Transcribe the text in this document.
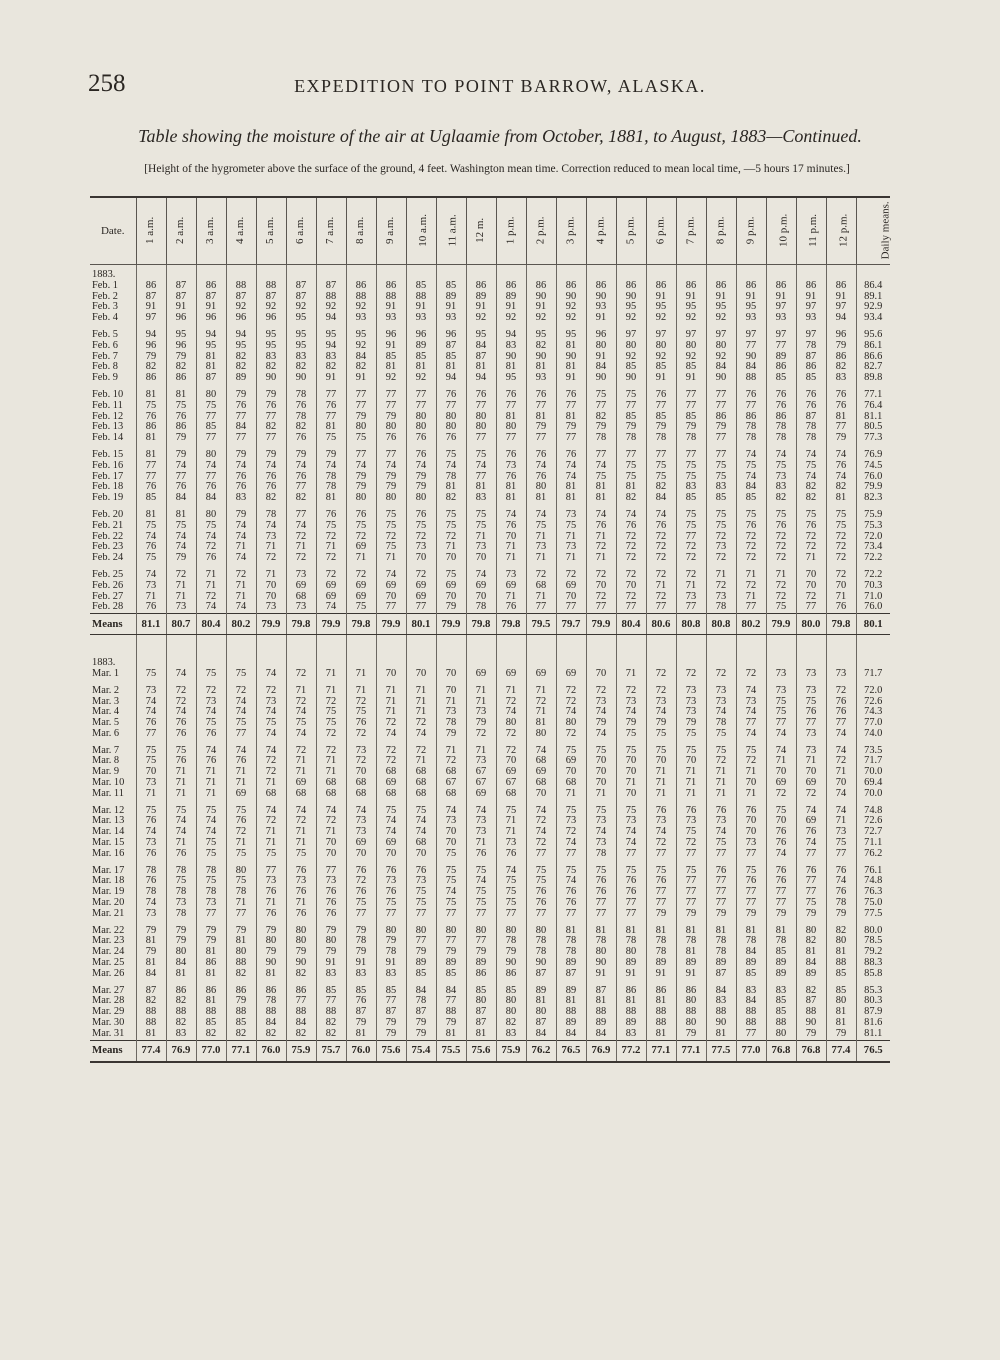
258	EXPEDITION TO POINT BARROW, ALASKA.
Table showing the moisture of the air at Uglaamie from October, 1881, to August, 1883—Continued.
[Height of the hygrometer above the surface of the ground, 4 feet. Washington mean time. Correction reduced to mean local time, —5 hours 17 minutes.]
Date.	1 a.m.	2 a.m.	3 a.m.	4 a.m.	5 a.m.	6 a.m.	7 a.m.	8 a.m.	9 a.m.	10 a.m.	11 a.m.	12 m.	1 p.m.	2 p.m.	3 p.m.	4 p.m.	5 p.m.	6 p.m.	7 p.m.	8 p.m.	9 p.m.	10 p.m.	11 p.m.	12 p.m.	Daily means.
1883.																									
Feb. 1	86	87	86	88	88	87	87	86	86	85	85	86	86	86	86	86	86	86	86	86	86	86	86	86	86.4
Feb. 2	87	87	87	87	87	87	88	88	88	88	89	89	89	90	90	90	90	91	91	91	91	91	91	91	89.1
Feb. 3	91	91	91	92	92	92	92	92	91	91	91	91	91	91	92	93	95	95	95	95	95	97	97	97	92.9
Feb. 4	97	96	96	96	96	95	94	93	93	93	93	92	92	92	92	91	92	92	92	92	93	93	93	94	93.4

Feb. 5	94	95	94	94	95	95	95	95	96	96	96	95	94	95	95	96	97	97	97	97	97	97	97	96	95.6
Feb. 6	96	96	95	95	95	95	94	92	91	89	87	84	83	82	81	80	80	80	80	80	77	77	78	79	86.1
Feb. 7	79	79	81	82	83	83	83	84	85	85	85	87	90	90	90	91	92	92	92	92	90	89	87	86	86.6
Feb. 8	82	82	81	82	82	82	82	82	81	81	81	81	81	81	81	84	85	85	85	84	84	86	86	82	82.7
Feb. 9	86	86	87	89	90	90	91	91	92	92	94	94	95	93	91	90	90	91	91	90	88	85	85	83	89.8

Feb. 10	81	81	80	79	79	78	77	77	77	77	76	76	76	76	76	75	75	76	77	77	76	76	76	76	77.1
Feb. 11	75	75	75	76	76	76	76	77	77	77	77	77	77	77	77	77	77	77	77	77	77	76	76	76	76.4
Feb. 12	76	76	77	77	77	78	77	79	79	80	80	80	81	81	81	82	85	85	85	86	86	86	87	81	81.1
Feb. 13	86	86	85	84	82	82	81	80	80	80	80	80	80	79	79	79	79	79	79	79	78	78	78	77	80.5
Feb. 14	81	79	77	77	77	76	75	75	76	76	76	77	77	77	77	78	78	78	78	77	78	78	78	79	77.3

Feb. 15	81	79	80	79	79	79	79	77	77	76	75	75	76	76	76	77	77	77	77	77	74	74	74	74	76.9
Feb. 16	77	74	74	74	74	74	74	74	74	74	74	74	73	74	74	74	75	75	75	75	75	75	75	76	74.5
Feb. 17	77	77	77	76	76	76	78	79	79	79	78	77	76	76	74	75	75	75	75	75	74	73	74	74	76.0
Feb. 18	76	76	76	76	76	77	78	79	79	79	81	81	81	80	81	81	81	82	83	83	84	83	82	82	79.9
Feb. 19	85	84	84	83	82	82	81	80	80	80	82	83	81	81	81	81	82	84	85	85	85	82	82	81	82.3

Feb. 20	81	81	80	79	78	77	76	76	75	76	75	75	74	74	73	74	74	74	75	75	75	75	75	75	75.9
Feb. 21	75	75	75	74	74	74	75	75	75	75	75	75	76	75	75	76	76	76	75	75	76	76	76	75	75.3
Feb. 22	74	74	74	74	73	72	72	72	72	72	72	71	70	71	71	71	72	72	77	72	72	72	72	72	72.0
Feb. 23	76	74	72	71	71	71	71	69	75	73	71	73	71	73	73	72	72	72	72	73	72	72	72	72	73.4
Feb. 24	75	79	76	74	72	72	72	71	71	70	70	70	71	71	71	71	72	72	72	72	72	72	71	72	72.2

Feb. 25	74	72	71	72	71	73	72	72	74	72	75	74	73	72	72	72	72	72	72	71	71	71	70	72	72.2
Feb. 26	73	71	71	71	70	69	69	69	69	69	69	69	69	68	69	70	70	71	71	72	72	72	70	70	70.3
Feb. 27	71	71	72	71	70	68	69	69	70	69	70	70	71	71	70	72	72	72	73	73	71	72	72	71	71.0
Feb. 28	76	73	74	74	73	73	74	75	77	77	79	78	76	77	77	77	77	77	77	78	77	75	77	76	76.0
Means	81.1	80.7	80.4	80.2	79.9	79.8	79.9	79.8	79.9	80.1	79.9	79.8	79.8	79.5	79.7	79.9	80.4	80.6	80.8	80.8	80.2	79.9	80.0	79.8	80.1

1883.																									
Mar. 1	75	74	75	75	74	72	71	71	70	70	70	69	69	69	69	70	71	72	72	72	72	73	73	73	71.7

Mar. 2	73	72	72	72	72	71	71	71	71	71	70	71	71	71	72	72	72	72	73	73	74	73	73	72	72.0
Mar. 3	74	72	73	74	73	72	72	72	71	71	71	71	72	72	72	73	73	73	73	73	73	75	75	76	72.6
Mar. 4	74	74	74	74	74	74	75	75	71	71	73	73	74	71	74	74	74	74	73	74	74	75	76	76	74.3
Mar. 5	76	76	75	75	75	75	75	76	72	72	78	79	80	81	80	79	79	79	79	78	77	77	77	77	77.0
Mar. 6	77	76	76	77	74	74	72	72	74	74	79	72	72	80	72	74	75	75	75	75	74	74	73	74	74.0

Mar. 7	75	75	74	74	74	72	72	73	72	72	71	71	72	74	75	75	75	75	75	75	75	74	73	74	73.5
Mar. 8	75	76	76	76	72	71	71	72	72	71	72	73	70	68	69	70	70	70	70	72	72	71	71	72	71.7
Mar. 9	70	71	71	71	72	71	71	70	68	68	68	67	69	69	70	70	70	71	71	71	71	70	70	71	70.0
Mar. 10	73	71	71	71	71	69	68	68	69	68	67	67	67	68	68	70	71	71	71	71	70	69	69	70	69.4
Mar. 11	71	71	71	69	68	68	68	68	68	68	68	69	68	70	71	71	70	71	71	71	71	72	72	74	70.0

Mar. 12	75	75	75	75	74	74	74	74	75	75	74	74	75	74	75	75	75	76	76	76	76	75	74	74	74.8
Mar. 13	76	74	74	76	72	72	72	73	74	74	73	73	71	72	73	73	73	73	73	73	70	70	69	71	72.6
Mar. 14	74	74	74	72	71	71	71	73	74	74	70	73	71	74	72	74	74	74	75	74	70	76	76	73	72.7
Mar. 15	73	71	75	71	71	71	70	69	69	68	70	71	73	72	74	73	74	72	72	75	73	76	74	75	71.1
Mar. 16	76	76	75	75	75	75	70	70	70	70	75	76	76	77	77	78	77	77	77	77	77	74	77	77	76.2

Mar. 17	78	78	78	80	77	76	77	76	76	76	75	75	74	75	75	75	75	75	75	76	75	76	76	76	76.1
Mar. 18	76	75	75	75	73	73	73	72	73	73	75	74	75	75	74	76	76	76	77	77	76	76	77	74	74.8
Mar. 19	78	78	78	78	76	76	76	76	76	75	74	75	75	76	76	76	76	77	77	77	77	77	77	76	76.3
Mar. 20	74	73	73	71	71	71	76	75	75	75	75	75	75	76	76	77	77	77	77	77	77	77	75	78	75.0
Mar. 21	73	78	77	77	76	76	76	77	77	77	77	77	77	77	77	77	77	79	79	79	79	79	79	79	77.5

Mar. 22	79	79	79	79	79	80	79	79	80	80	80	80	80	80	81	81	81	81	81	81	81	81	80	82	80.0
Mar. 23	81	79	79	81	80	80	80	78	79	77	77	77	78	78	78	78	78	78	78	78	78	78	82	80	78.5
Mar. 24	79	80	81	80	79	79	79	79	78	79	79	79	79	78	78	80	80	78	81	78	84	85	81	81	79.2
Mar. 25	81	84	86	88	90	90	91	91	91	89	89	89	90	90	89	90	89	89	89	89	89	89	84	88	88.3
Mar. 26	84	81	81	82	81	82	83	83	83	85	85	86	86	87	87	91	91	91	91	87	85	89	89	85	85.8

Mar. 27	87	86	86	86	86	86	85	85	85	84	84	85	85	89	89	87	86	86	86	84	83	83	82	85	85.3
Mar. 28	82	82	81	79	78	77	77	76	77	78	77	80	80	81	81	81	81	81	80	83	84	85	87	80	80.3
Mar. 29	88	88	88	88	88	88	88	87	87	87	88	87	80	80	88	88	88	88	88	88	88	85	88	81	87.9
Mar. 30	88	82	85	85	84	84	82	79	79	79	79	87	82	87	89	89	89	88	80	90	88	88	90	81	81.6
Mar. 31	81	83	82	82	82	82	82	81	79	79	81	81	83	84	84	84	83	81	79	81	77	80	79	79	81.1
Means	77.4	76.9	77.0	77.1	76.0	75.9	75.7	76.0	75.6	75.4	75.5	75.6	75.9	76.2	76.5	76.9	77.2	77.1	77.1	77.5	77.0	76.8	76.8	77.4	76.5
